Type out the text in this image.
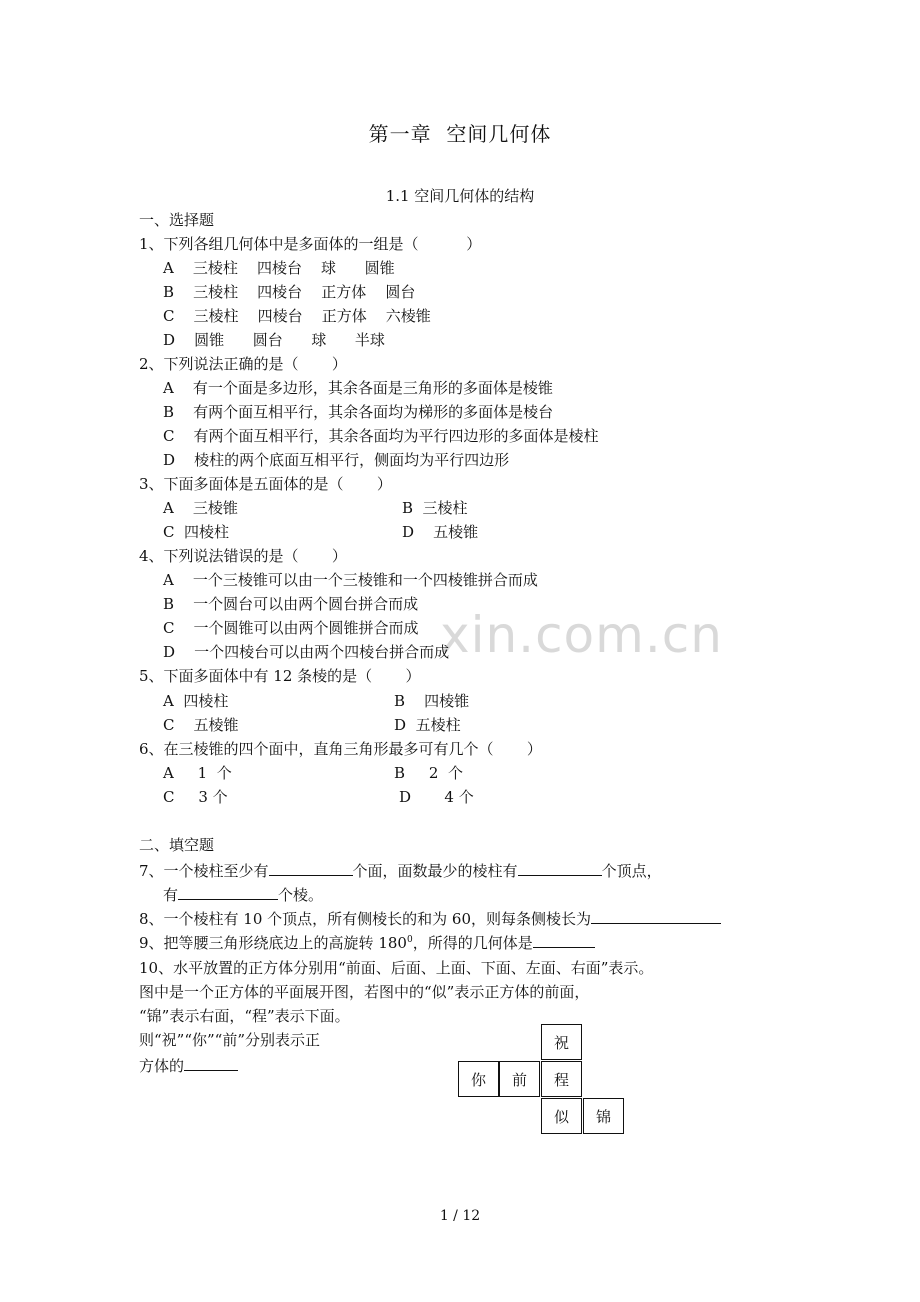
xin.com.cn
第一章  空间几何体
1.1 空间几何体的结构
一、选择题
1、下列各组几何体中是多面体的一组是（          ）
A    三棱柱    四棱台    球      圆锥
B    三棱柱    四棱台    正方体    圆台
C    三棱柱    四棱台    正方体    六棱锥
D    圆锥      圆台      球      半球
2、下列说法正确的是（       ）
A    有一个面是多边形，其余各面是三角形的多面体是棱锥
B    有两个面互相平行，其余各面均为梯形的多面体是棱台
C    有两个面互相平行，其余各面均为平行四边形的多面体是棱柱
D    棱柱的两个底面互相平行，侧面均为平行四边形
3、下面多面体是五面体的是（       ）
A    三棱锥	B  三棱柱
C  四棱柱	D    五棱锥
4、下列说法错误的是（       ）
A    一个三棱锥可以由一个三棱锥和一个四棱锥拼合而成
B    一个圆台可以由两个圆台拼合而成
C    一个圆锥可以由两个圆锥拼合而成
D    一个四棱台可以由两个四棱台拼合而成
5、下面多面体中有 12 条棱的是（       ）
A  四棱柱	B    四棱锥
C    五棱锥	D  五棱柱
6、在三棱锥的四个面中，直角三角形最多可有几个（       ）
A     1  个	B     2  个
C     3 个	D       4 个
二、填空题
7、一个棱柱至少有	个面，面数最少的棱柱有	个顶点，
有	个棱。
8、一个棱柱有 10 个顶点，所有侧棱长的和为 60，则每条侧棱长为
9、把等腰三角形绕底边上的高旋转 $180^0$，所得的几何体是
10、水平放置的正方体分别用“前面、后面、上面、下面、左面、右面”表示。
图中是一个正方体的平面展开图，若图中的“似”表示正方体的前面，
“锦”表示右面，“程”表示下面。
则“祝”“你”“前”分别表示正
方体的
祝
你	前	程
似	锦
1 / 12
